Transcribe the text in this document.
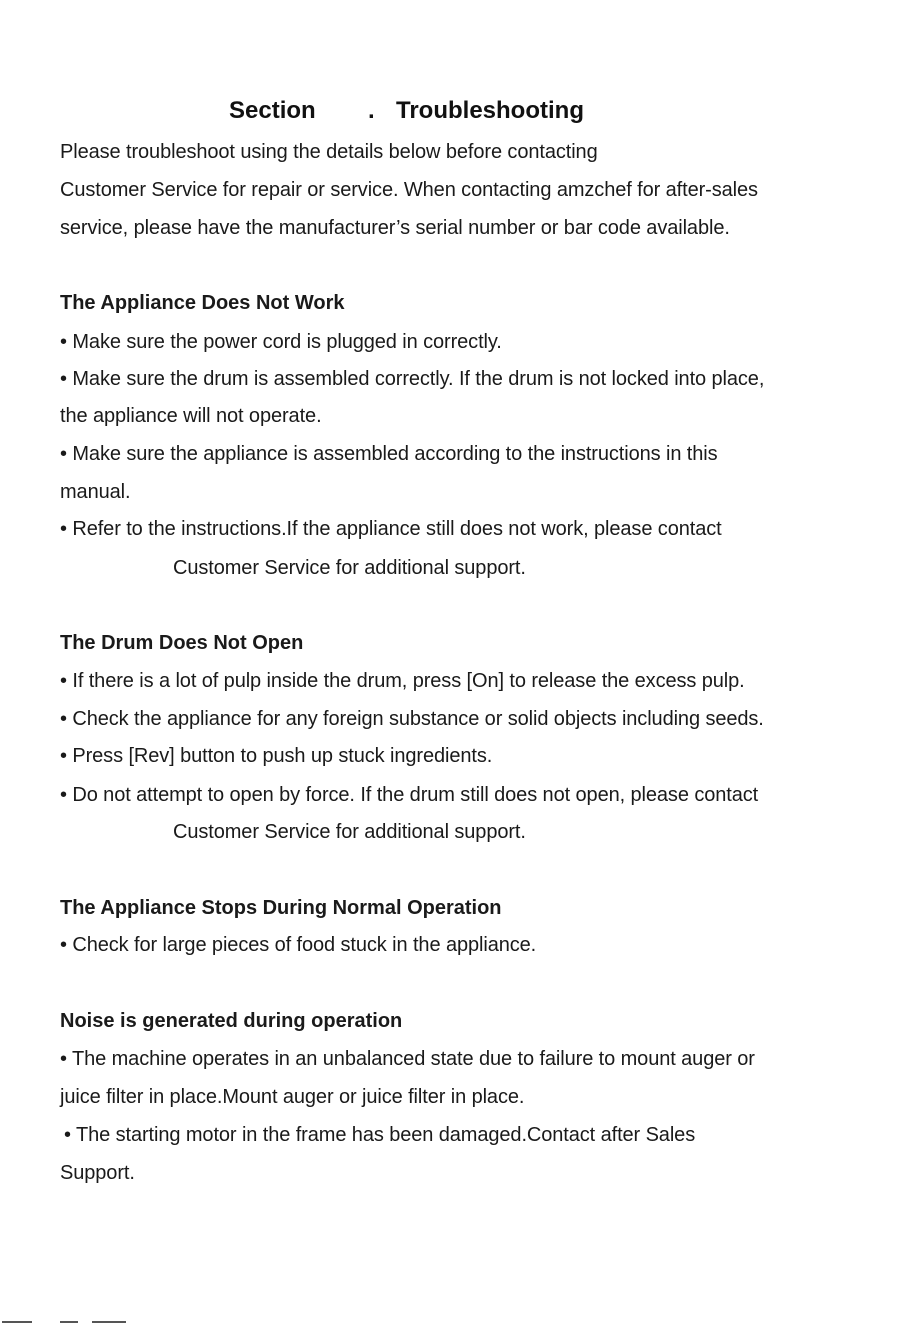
Section . Troubleshooting
Please troubleshoot using the details below before contacting
Customer Service for repair or service. When contacting amzchef for after-sales
service, please have the manufacturer’s serial number or bar code available.
The Appliance Does Not Work
• Make sure the power cord is plugged in correctly.
• Make sure the drum is assembled correctly. If the drum is not locked into place,
the appliance will not operate.
• Make sure the appliance is assembled according to the instructions in this
manual.
• Refer to the instructions.If the appliance still does not work, please contact
Customer Service for additional support.
The Drum Does Not Open
• If there is a lot of pulp inside the drum, press [On] to release the excess pulp.
• Check the appliance for any foreign substance or solid objects including seeds.
• Press [Rev] button to push up stuck ingredients.
• Do not attempt to open by force. If the drum still does not open, please contact
Customer Service for additional support.
The Appliance Stops During Normal Operation
• Check for large pieces of food stuck in the appliance.
Noise is generated during operation
• The machine operates in an unbalanced state due to failure to mount auger or
juice filter in place.Mount auger or juice filter in place.
• The starting motor in the frame has been damaged.Contact after Sales
Support.
